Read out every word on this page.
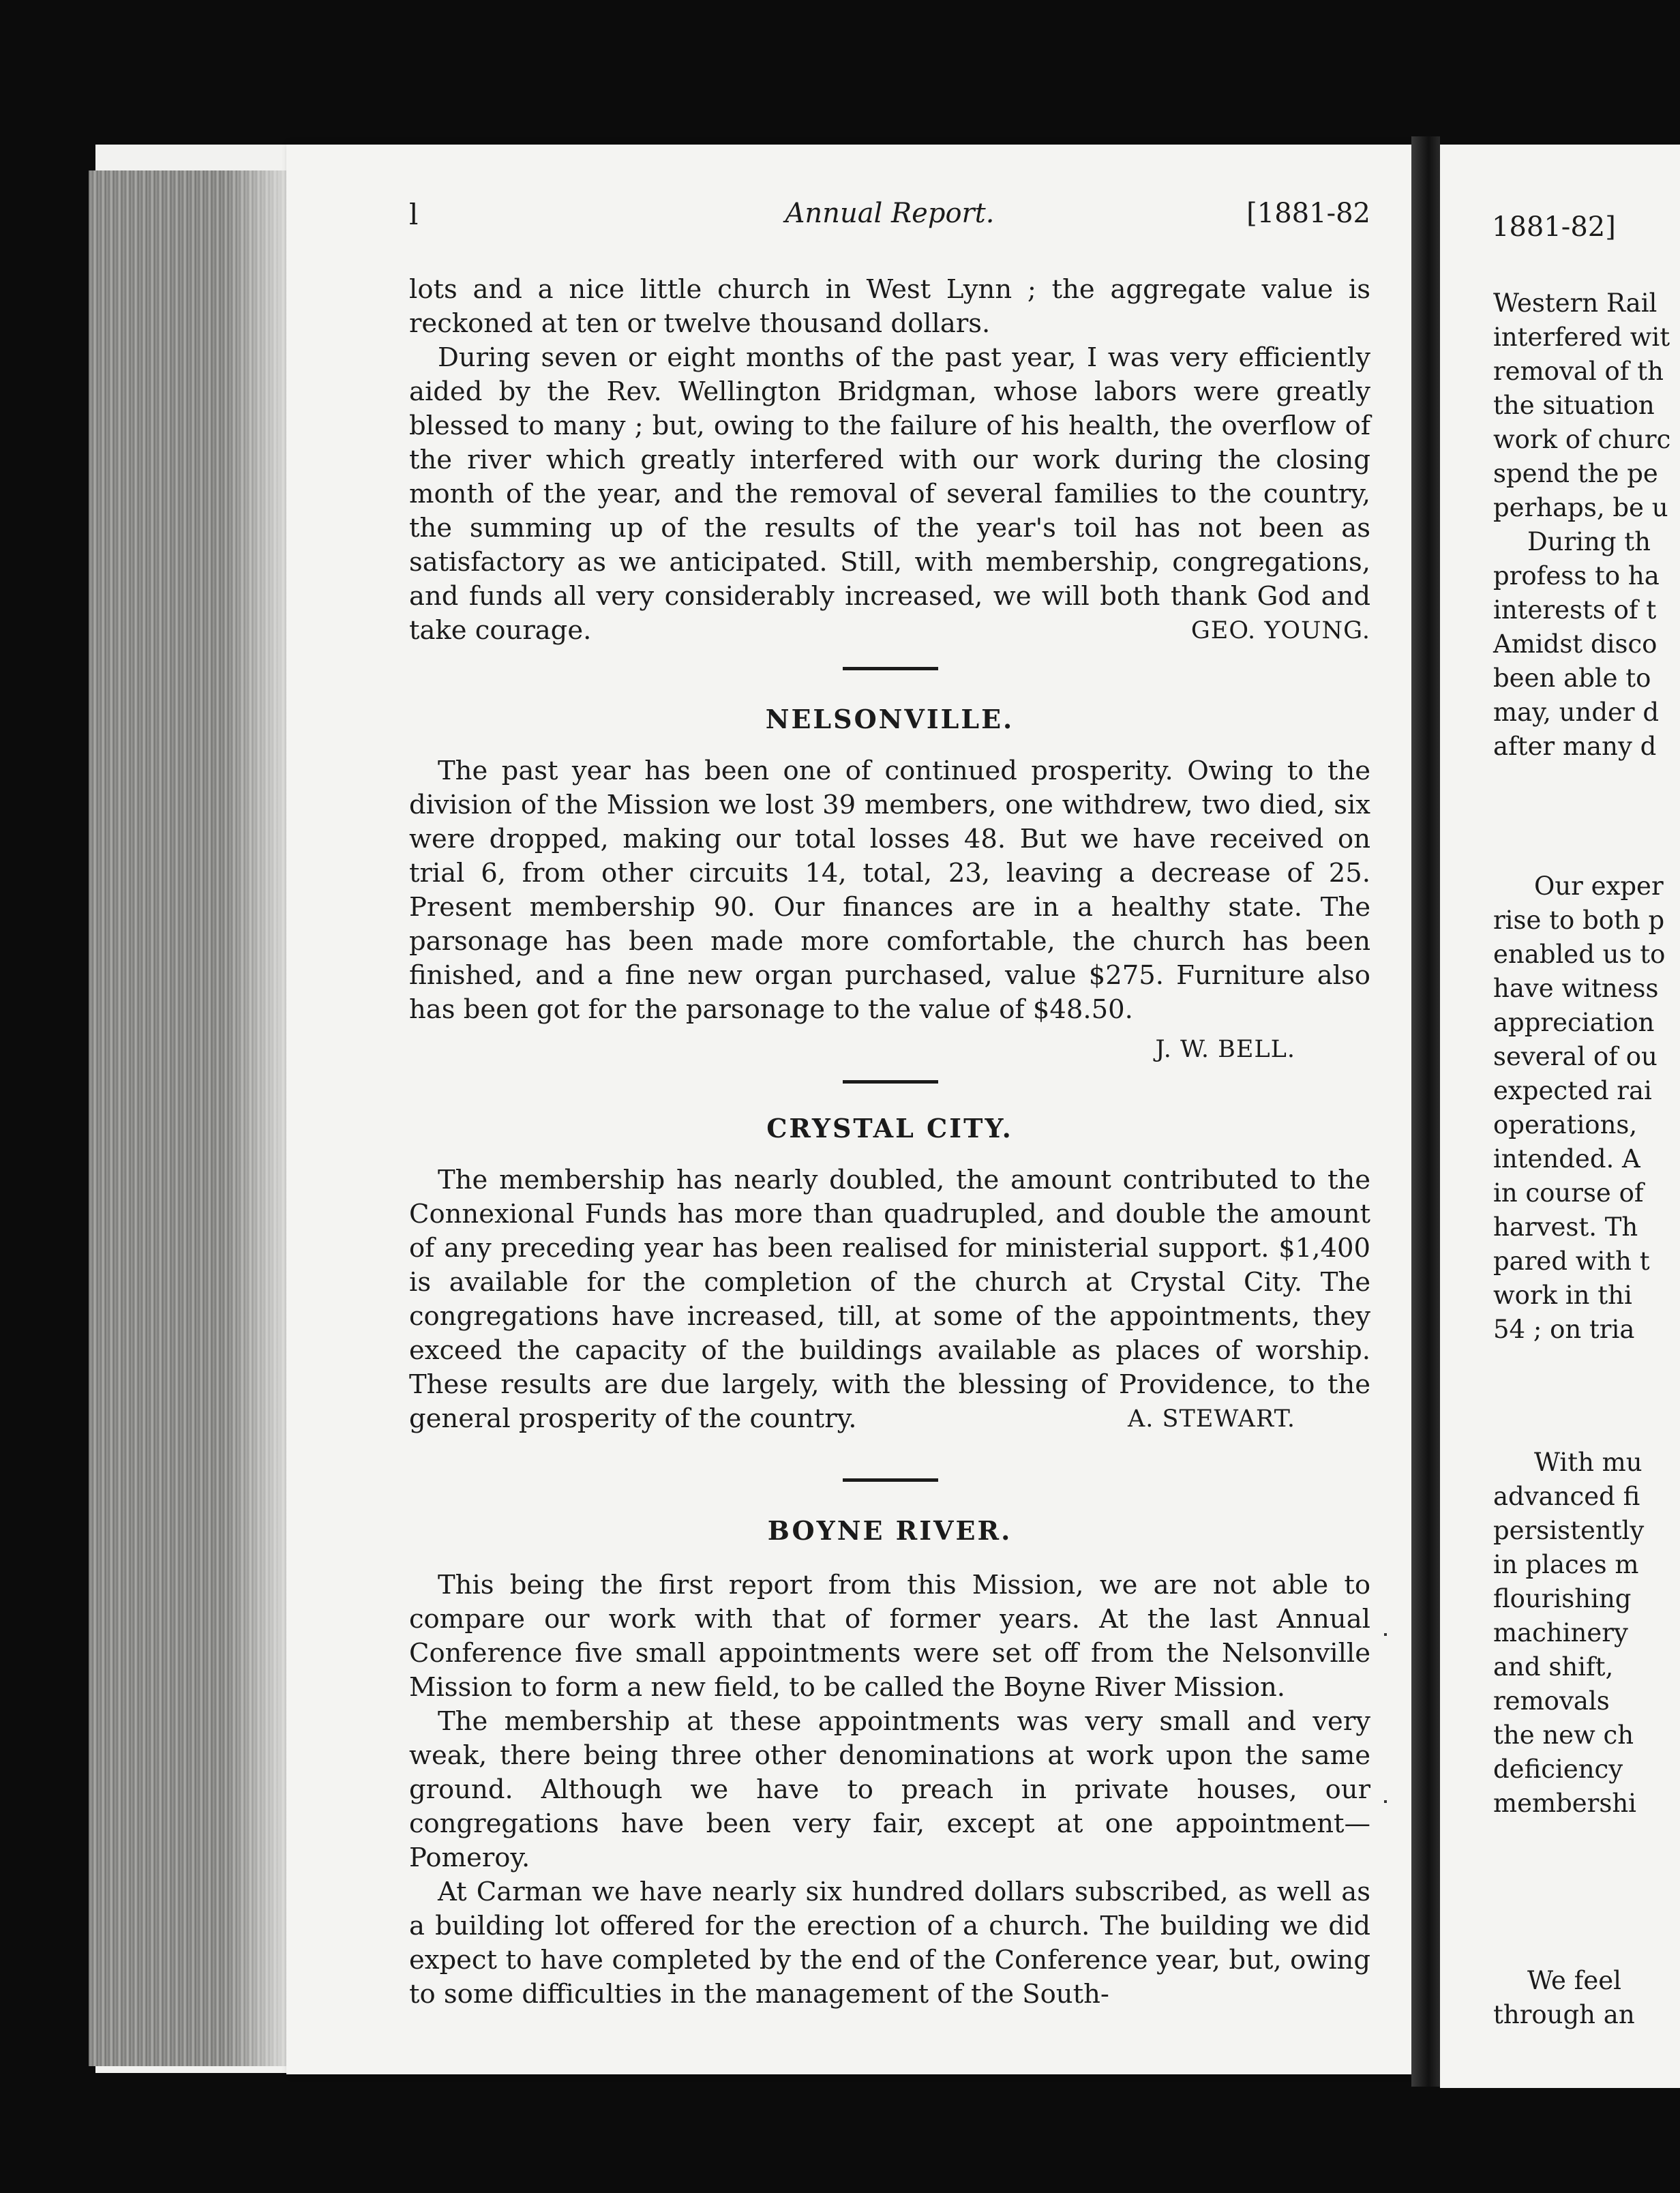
l	Annual Report.	[1881-82

lots and a nice little church in West Lynn ; the aggregate value is reckoned at ten or twelve thousand dollars.

During seven or eight months of the past year, I was very efficiently aided by the Rev. Wellington Bridgman, whose labors were greatly blessed to many ; but, owing to the failure of his health, the overflow of the river which greatly interfered with our work during the closing month of the year, and the removal of several families to the country, the summing up of the results of the year's toil has not been as satisfactory as we anticipated. Still, with membership, congregations, and funds all very considerably increased, we will both thank God and take courage.	GEO. YOUNG.

NELSONVILLE.

The past year has been one of continued prosperity. Owing to the division of the Mission we lost 39 members, one withdrew, two died, six were dropped, making our total losses 48. But we have received on trial 6, from other circuits 14, total, 23, leaving a decrease of 25. Present membership 90. Our finances are in a healthy state. The parsonage has been made more comfortable, the church has been finished, and a fine new organ purchased, value $275. Furniture also has been got for the parsonage to the value of $48.50.

J. W. BELL.

CRYSTAL CITY.

The membership has nearly doubled, the amount contributed to the Connexional Funds has more than quadrupled, and double the amount of any preceding year has been realised for ministerial support. $1,400 is available for the completion of the church at Crystal City. The congregations have increased, till, at some of the appointments, they exceed the capacity of the buildings available as places of worship. These results are due largely, with the blessing of Providence, to the general prosperity of the country.	A. STEWART.

BOYNE RIVER.

This being the first report from this Mission, we are not able to compare our work with that of former years. At the last Annual Conference five small appointments were set off from the Nelsonville Mission to form a new field, to be called the Boyne River Mission.

The membership at these appointments was very small and very weak, there being three other denominations at work upon the same ground. Although we have to preach in private houses, our congregations have been very fair, except at one appointment—Pomeroy.

At Carman we have nearly six hundred dollars subscribed, as well as a building lot offered for the erection of a church. The building we did expect to have completed by the end of the Conference year, but, owing to some difficulties in the management of the South-

1881-82]
Western Rail
interfered wit
removal of th
the situation
work of churc
spend the pe
perhaps, be u
During th
profess to ha
interests of t
Amidst disco
been able to
may, under d
after many d
Our exper
rise to both p
enabled us to
have witness
appreciation
several of ou
expected rai
operations,
intended. A
in course of
harvest. Th
pared with t
work in thi
54 ; on tria
With mu
advanced fi
persistently
in places m
flourishing
machinery
and shift,
removals
the new ch
deficiency
membershi
We feel
through an
